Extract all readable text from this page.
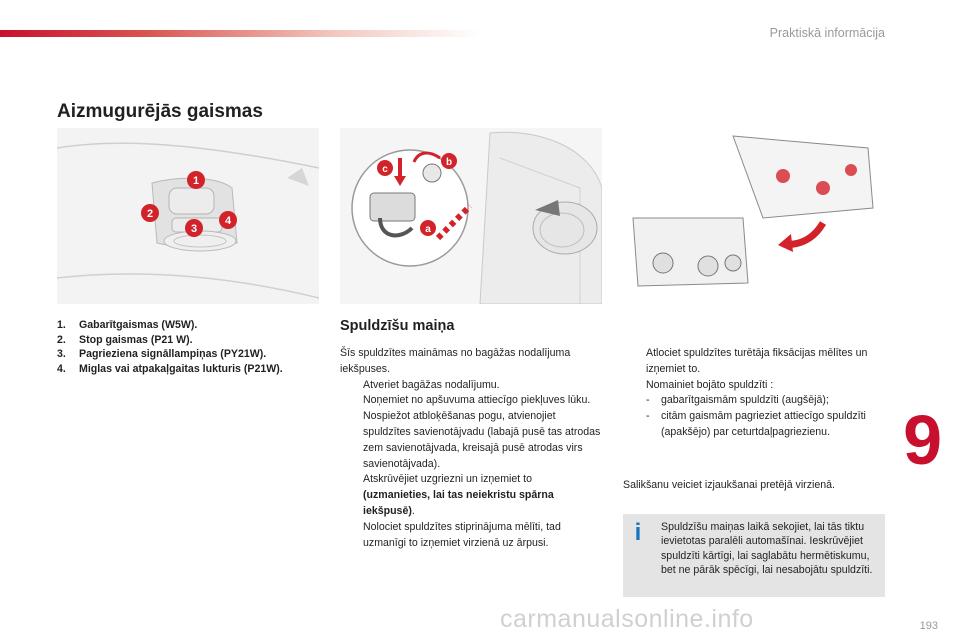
Praktiskā informācija
Aizmugurējās gaismas
1
2
3
4
c
b
a
1.	Gabarītgaismas (W5W).
2.	Stop gaismas (P21 W).
3.	Pagrieziena signāllampiņas (PY21W).
4.	Miglas vai atpakaļgaitas lukturis (P21W).
Spuldzīšu maiņa

Šīs spuldzītes maināmas no bagāžas nodalījuma iekšpuses.

Atveriet bagāžas nodalījumu.
Noņemiet no apšuvuma attiecīgo piekļuves lūku.
Nospiežot atbloķēšanas pogu, atvienojiet spuldzītes savienotājvadu (labajā pusē tas atrodas zem savienotājvada, kreisajā pusē atrodas virs savienotājvada).
Atskrūvējiet uzgriezni un izņemiet to (uzmanieties, lai tas neiekristu spārna iekšpusē).
Nolociet spuldzītes stiprinājuma mēlīti, tad uzmanīgi to izņemiet virzienā uz ārpusi.
Atlociet spuldzītes turētāja fiksācijas mēlītes un izņemiet to.
Nomainiet bojāto spuldzīti :
-	gabarītgaismām spuldzīti (augšējā);
-	citām gaismām pagrieziet attiecīgo spuldzīti (apakšējo) par ceturtdaļpagriezienu.

Salikšanu veiciet izjaukšanai pretējā virzienā.

i	Spuldzīšu maiņas laikā sekojiet, lai tās tiktu ievietotas paralēli automašīnai. Ieskrūvējiet spuldzīti kārtīgi, lai saglabātu hermētiskumu, bet ne pārāk spēcīgi, lai nesabojātu spuldzīti.
9
193
carmanualsonline.info
